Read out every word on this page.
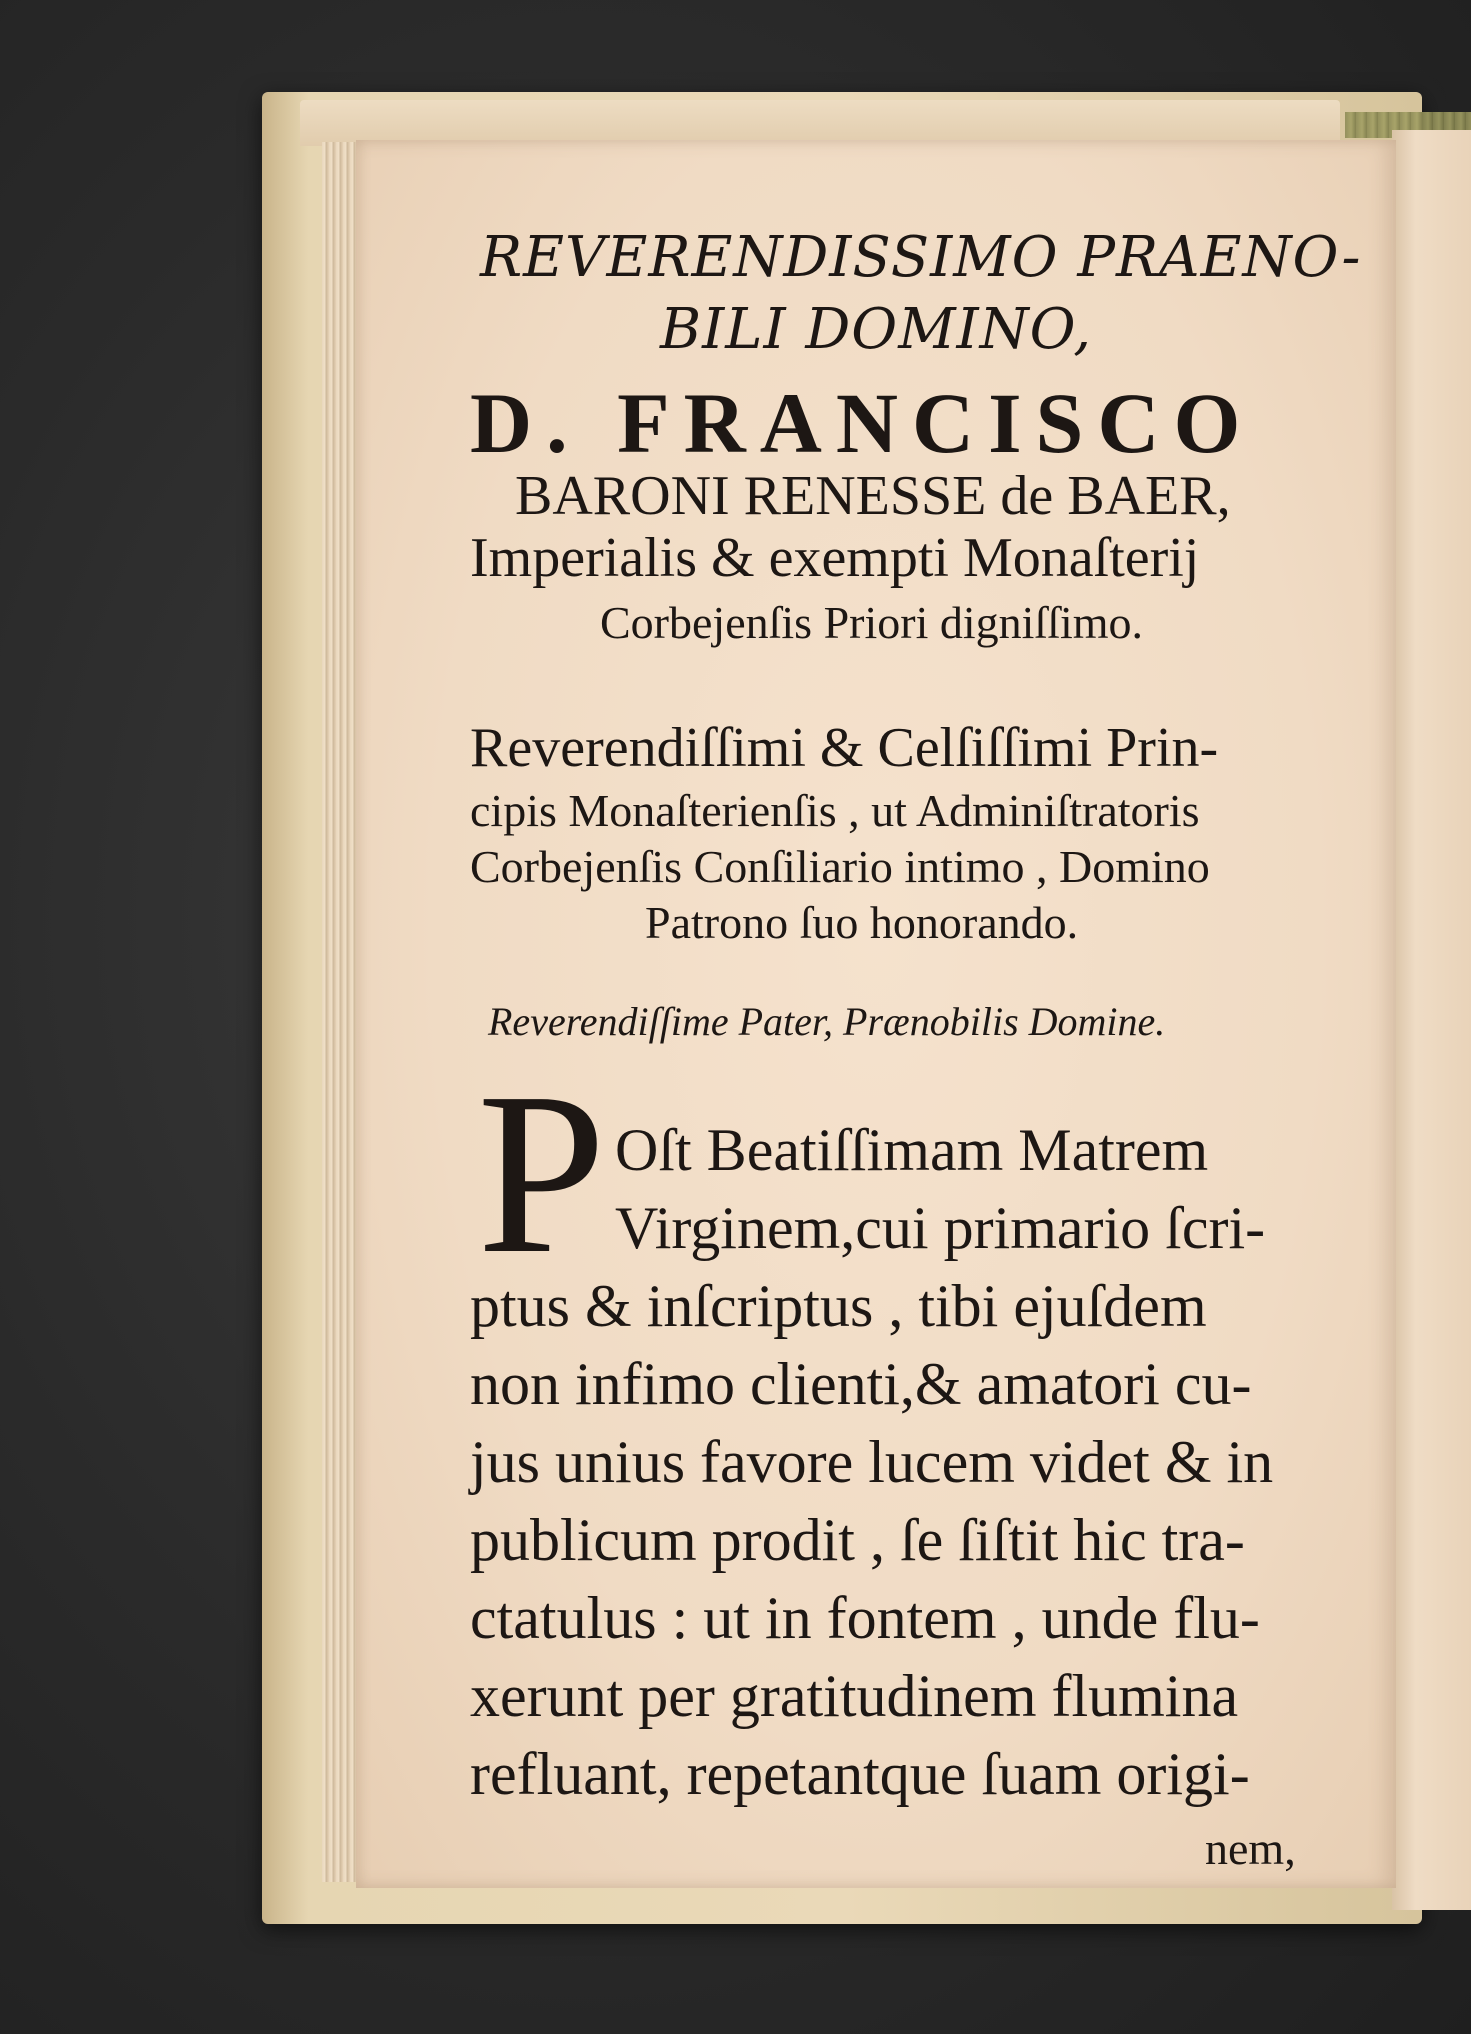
REVERENDISSIMO PRAENO-
BILI DOMINO,
D. FRANCISCO
BARONI RENESSE de BAER,
Imperialis & exempti Monaſterij
Corbejenſis Priori digniſſimo.
Reverendiſſimi & Celſiſſimi Prin-
cipis Monaſterienſis , ut Adminiſtratoris
Corbejenſis Conſiliario intimo , Domino
Patrono ſuo honorando.
Reverendiſſime Pater, Prænobilis Domine.
P Oſt Beatiſſimam Matrem
Virginem,cui primario ſcri-
ptus & inſcriptus , tibi ejuſdem
non infimo clienti,& amatori cu-
jus unius favore lucem videt & in
publicum prodit , ſe ſiſtit hic tra-
ctatulus : ut in fontem , unde flu-
xerunt per gratitudinem flumina
refluant, repetantque ſuam origi-
nem,
